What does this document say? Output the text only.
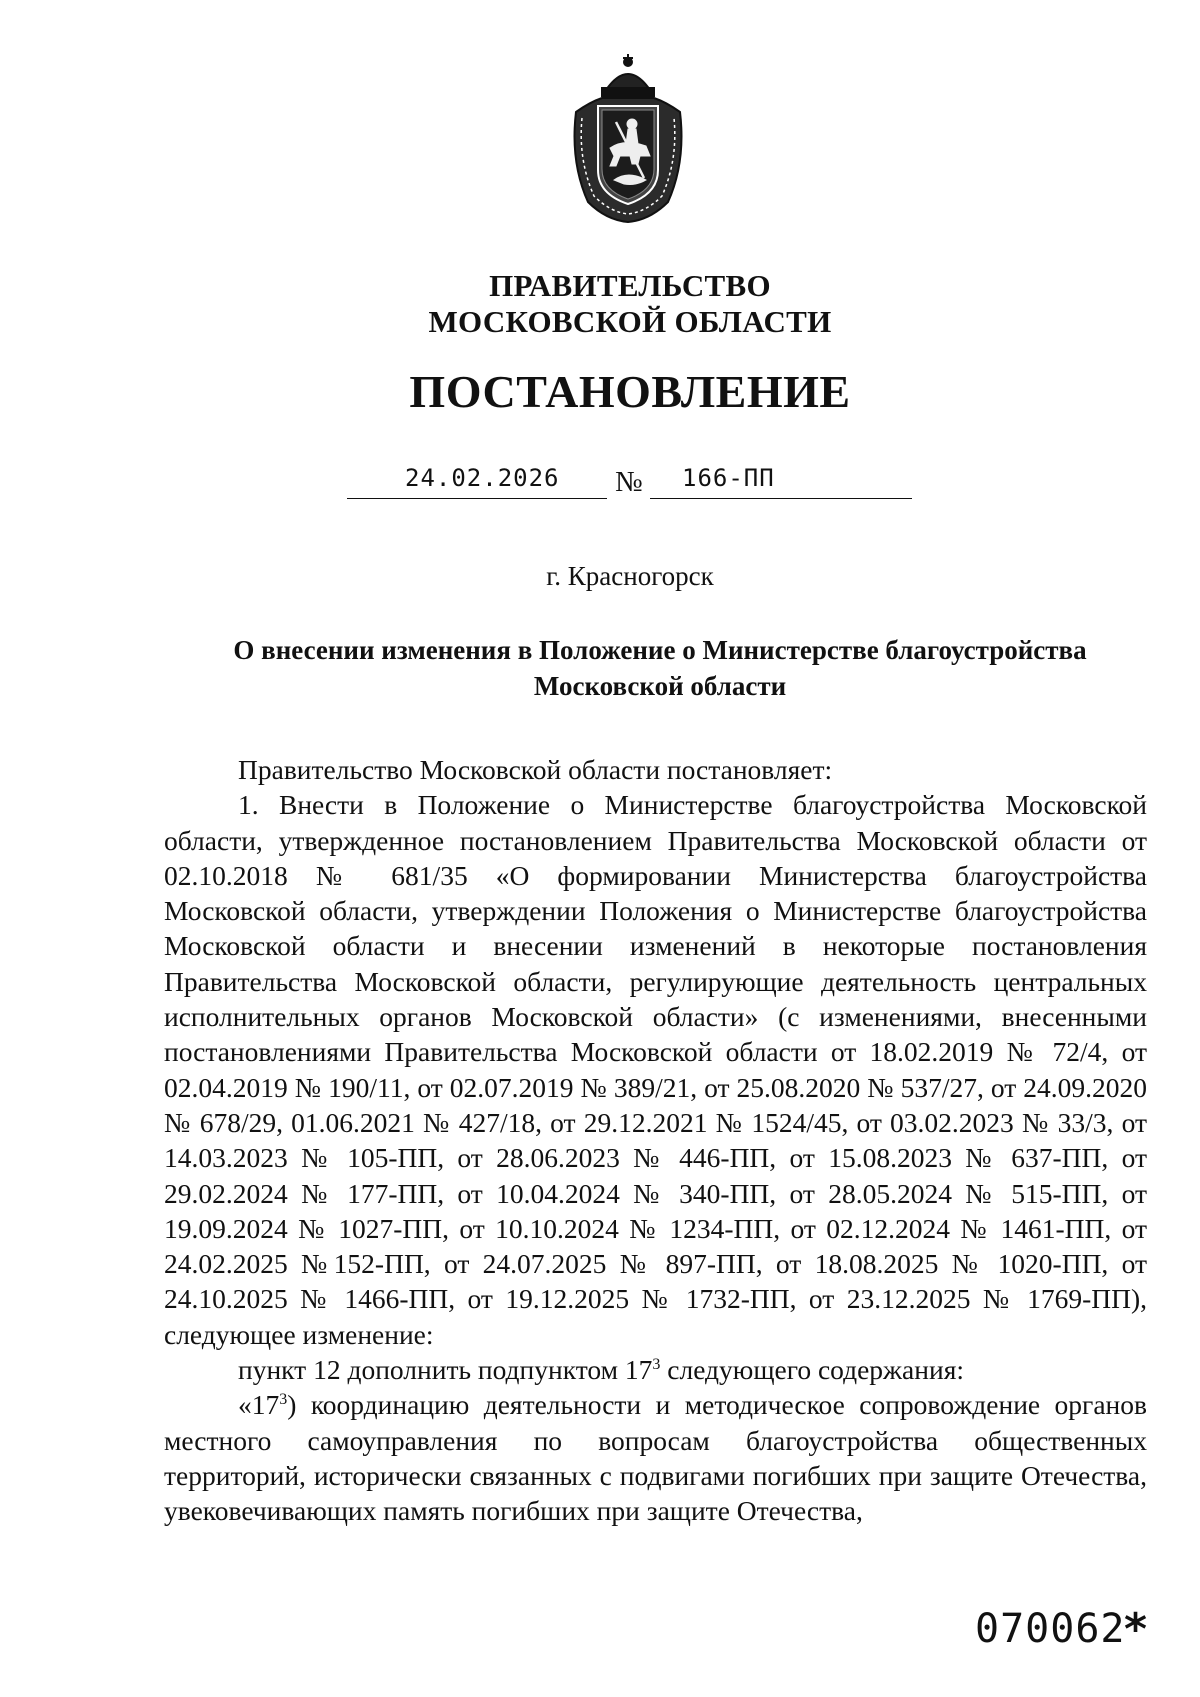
ПРАВИТЕЛЬСТВО
МОСКОВСКОЙ ОБЛАСТИ
ПОСТАНОВЛЕНИЕ
24.02.2026 № 166-ПП
г. Красногорск
О внесении изменения в Положение о Министерстве благоустройства
Московской области

Правительство Московской области постановляет:

1. Внести в Положение о Министерстве благоустройства Московской области, утвержденное постановлением Правительства Московской области от 02.10.2018 № 681/35 «О формировании Министерства благоустройства Московской области, утверждении Положения о Министерстве благоустройства Московской области и внесении изменений в некоторые постановления Правительства Московской области, регулирующие деятельность центральных исполнительных органов Московской области» (с изменениями, внесенными постановлениями Правительства Московской области от 18.02.2019 № 72/4, от 02.04.2019 № 190/11, от 02.07.2019 № 389/21, от 25.08.2020 № 537/27, от 24.09.2020 № 678/29, 01.06.2021 № 427/18, от 29.12.2021 № 1524/45, от 03.02.2023 № 33/3, от 14.03.2023 № 105-ПП, от 28.06.2023 № 446-ПП, от 15.08.2023 № 637-ПП, от 29.02.2024 № 177-ПП, от 10.04.2024 № 340-ПП, от 28.05.2024 № 515-ПП, от 19.09.2024 № 1027-ПП, от 10.10.2024 № 1234-ПП, от 02.12.2024 № 1461-ПП, от 24.02.2025 №152-ПП, от 24.07.2025 № 897-ПП, от 18.08.2025 № 1020-ПП, от 24.10.2025 № 1466-ПП, от 19.12.2025 № 1732-ПП, от 23.12.2025 № 1769-ПП), следующее изменение:

пункт 12 дополнить подпунктом $17^3$ следующего содержания:

«$17^3$) координацию деятельности и методическое сопровождение органов местного самоуправления по вопросам благоустройства общественных территорий, исторически связанных с подвигами погибших при защите Отечества, увековечивающих память погибших при защите Отечества,

070062
*
